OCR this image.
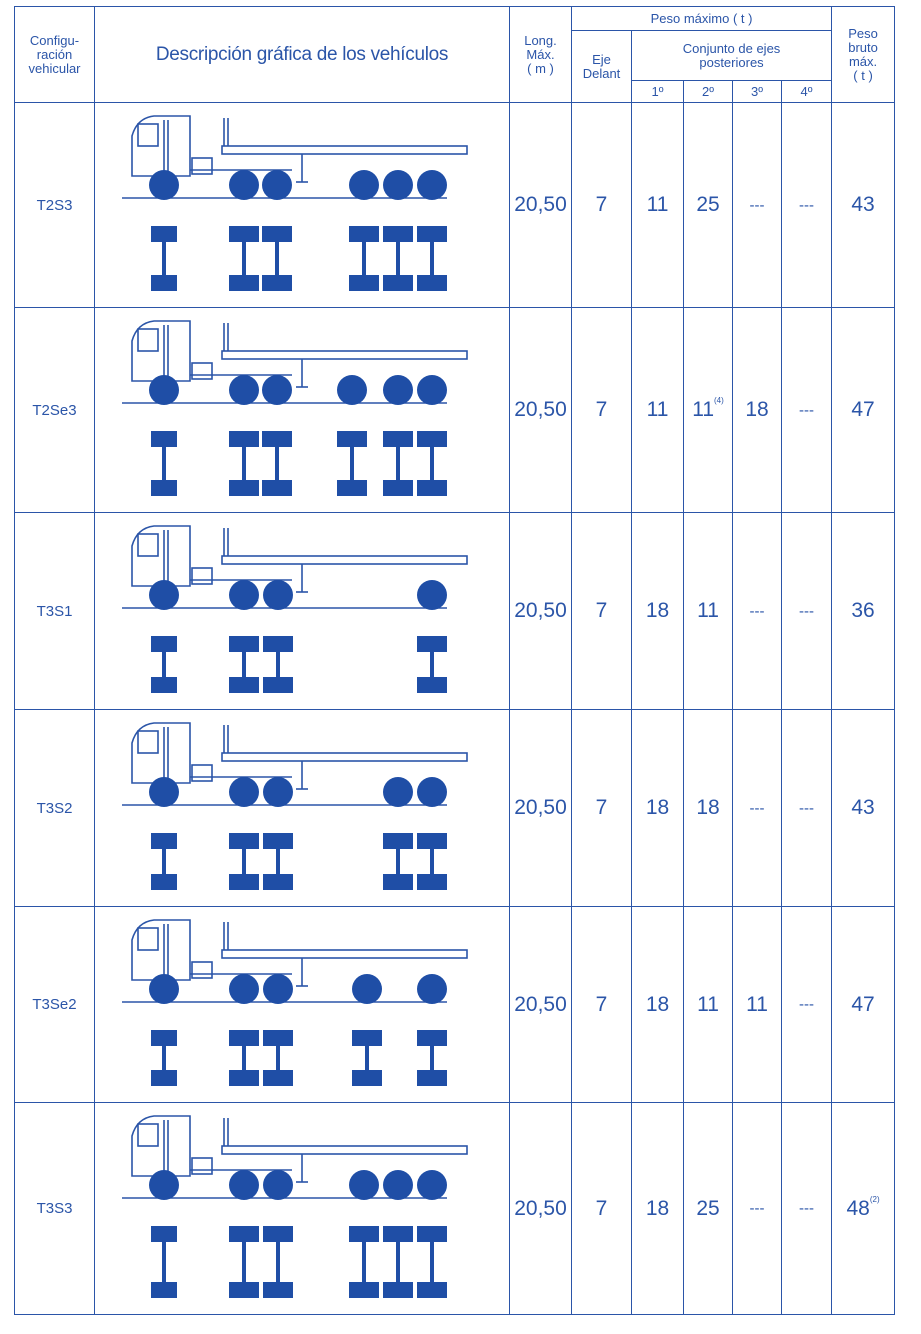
Configu-
ración
vehicular	Descripción gráfica de los vehículos	Long.
Máx.
( m )	Peso máximo ( t )					Peso
bruto
máx.
( t )
			Eje
Delant	Conjunto de ejes
posteriores				
				1º	2º	3º	4º	
T2S3		20,50	7	11	25	---	---	43
T2Se3		20,50	7	11	11$^{(4)}$	18	---	47
T3S1		20,50	7	18	11	---	---	36
T3S2		20,50	7	18	18	---	---	43
T3Se2		20,50	7	18	11	11	---	47
T3S3		20,50	7	18	25	---	---	48$^{(2)}$
